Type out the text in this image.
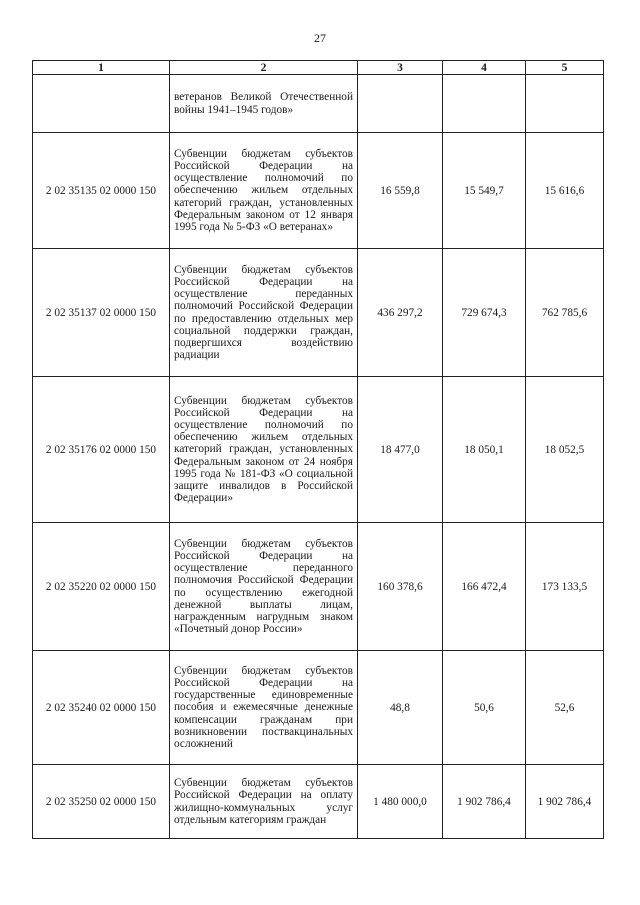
27
1	2	3	4	5
	ветеранов Великой Отечественной войны 1941–1945 годов»			
2 02 35135 02 0000 150	Субвенции бюджетам субъектов Российской Федерации на осуществление полномочий по обеспечению жильем отдельных категорий граждан, установленных Федеральным законом от 12 января 1995 года № 5-ФЗ «О ветеранах»	16 559,8	15 549,7	15 616,6
2 02 35137 02 0000 150	Субвенции бюджетам субъектов Российской Федерации на осуществление переданных полномочий Российской Федерации по предоставлению отдельных мер социальной поддержки граждан, подвергшихся воздействию радиации	436 297,2	729 674,3	762 785,6
2 02 35176 02 0000 150	Субвенции бюджетам субъектов Российской Федерации на осуществление полномочий по обеспечению жильем отдельных категорий граждан, установленных Федеральным законом от 24 ноября 1995 года № 181-ФЗ «О социальной защите инвалидов в Российской Федерации»	18 477,0	18 050,1	18 052,5
2 02 35220 02 0000 150	Субвенции бюджетам субъектов Российской Федерации на осуществление переданного полномочия Российской Федерации по осуществлению ежегодной денежной выплаты лицам, награжденным нагрудным знаком «Почетный донор России»	160 378,6	166 472,4	173 133,5
2 02 35240 02 0000 150	Субвенции бюджетам субъектов Российской Федерации на государственные единовременные пособия и ежемесячные денежные компенсации гражданам при возникновении поствакцинальных осложнений	48,8	50,6	52,6
2 02 35250 02 0000 150	Субвенции бюджетам субъектов Российской Федерации на оплату жилищно-коммунальных услуг отдельным категориям граждан	1 480 000,0	1 902 786,4	1 902 786,4
